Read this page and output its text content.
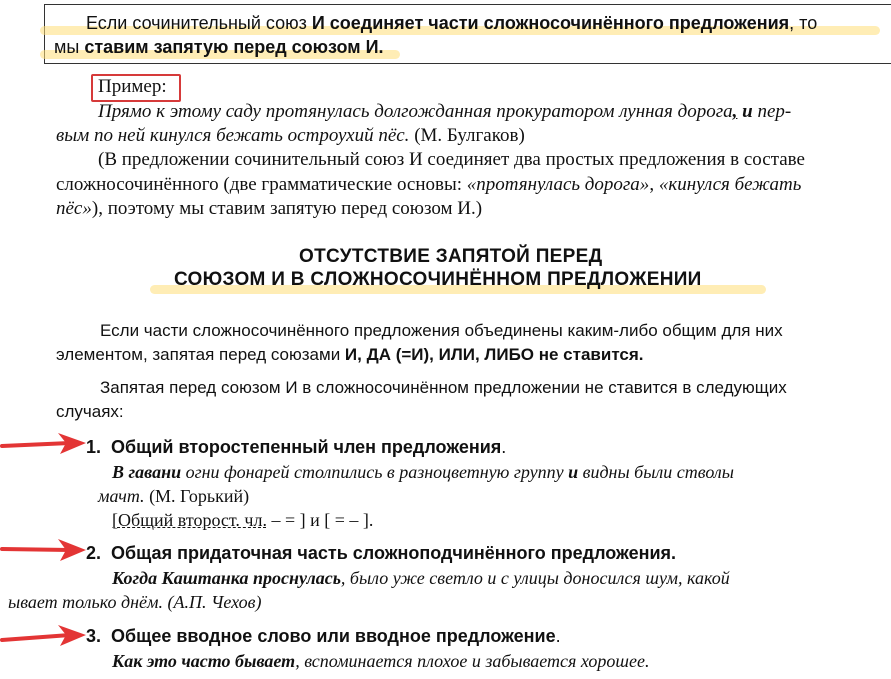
Если сочинительный союз И соединяет части сложносочинённого предложения, то
мы ставим запятую перед союзом И.
Пример:
Прямо к этому саду протянулась долгожданная прокуратором лунная дорога, и пер-
вым по ней кинулся бежать остроухий пёс. (М. Булгаков)
(В предложении сочинительный союз И соединяет два простых предложения в составе
сложносочинённого (две грамматические основы: «протянулась дорога», «кинулся бежать
пёс»), поэтому мы ставим запятую перед союзом И.)
ОТСУТСТВИЕ ЗАПЯТОЙ ПЕРЕД
СОЮЗОМ И В СЛОЖНОСОЧИНЁННОМ ПРЕДЛОЖЕНИИ
Если части сложносочинённого предложения объединены каким-либо общим для них
элементом, запятая перед союзами И, ДА (=И), ИЛИ, ЛИБО не ставится.
Запятая перед союзом И в сложносочинённом предложении не ставится в следующих
случаях:
1. Общий второстепенный член предложения.
В гавани огни фонарей столпились в разноцветную группу и видны были стволы
мачт. (М. Горький)
[Общий второст. чл. – = ] и [ = – ].
2. Общая придаточная часть сложноподчинённого предложения.
Когда Каштанка проснулась, было уже светло и с улицы доносился шум, какой
ывает только днём. (А.П. Чехов)
3. Общее вводное слово или вводное предложение.
Как это часто бывает, вспоминается плохое и забывается хорошее.
